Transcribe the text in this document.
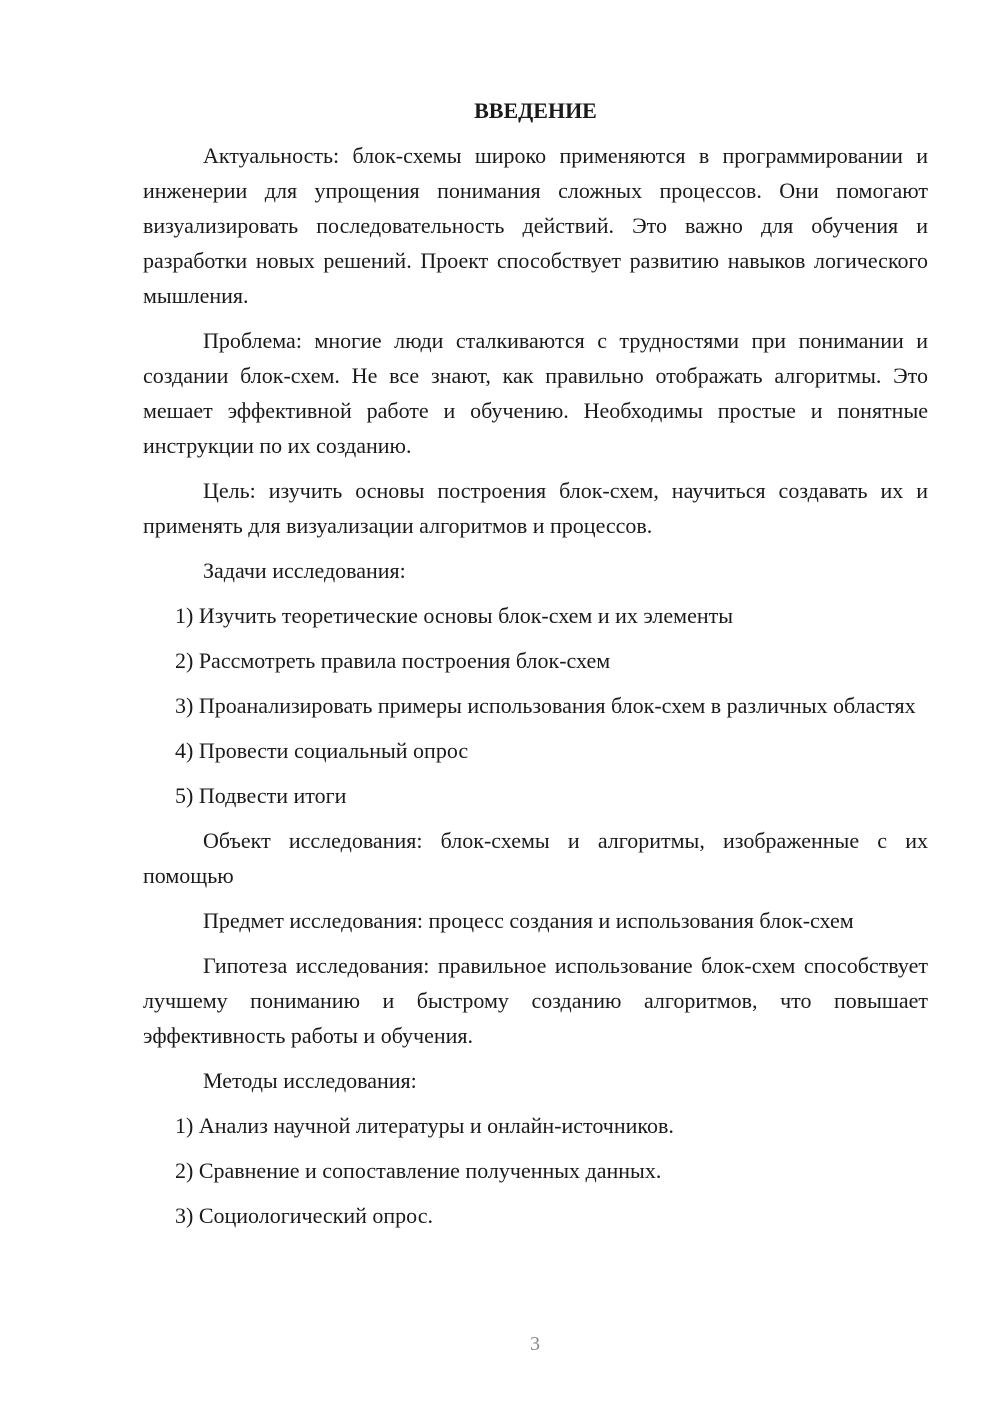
ВВЕДЕНИЕ

Актуальность: блок-схемы широко применяются в программировании и инженерии для упрощения понимания сложных процессов. Они помогают визуализировать последовательность действий. Это важно для обучения и разработки новых решений. Проект способствует развитию навыков логического мышления.

Проблема: многие люди сталкиваются с трудностями при понимании и создании блок-схем. Не все знают, как правильно отображать алгоритмы. Это мешает эффективной работе и обучению. Необходимы простые и понятные инструкции по их созданию.

Цель: изучить основы построения блок-схем, научиться создавать их и применять для визуализации алгоритмов и процессов.

Задачи исследования:

1) Изучить теоретические основы блок-схем и их элементы

2) Рассмотреть правила построения блок-схем

3) Проанализировать примеры использования блок-схем в различных областях

4) Провести социальный опрос

5) Подвести итоги

Объект исследования: блок-схемы и алгоритмы, изображенные с их помощью

Предмет исследования: процесс создания и использования блок-схем

Гипотеза исследования: правильное использование блок-схем способствует лучшему пониманию и быстрому созданию алгоритмов, что повышает эффективность работы и обучения.

Методы исследования:

1) Анализ научной литературы и онлайн-источников.

2) Сравнение и сопоставление полученных данных.

3) Социологический опрос.

3
